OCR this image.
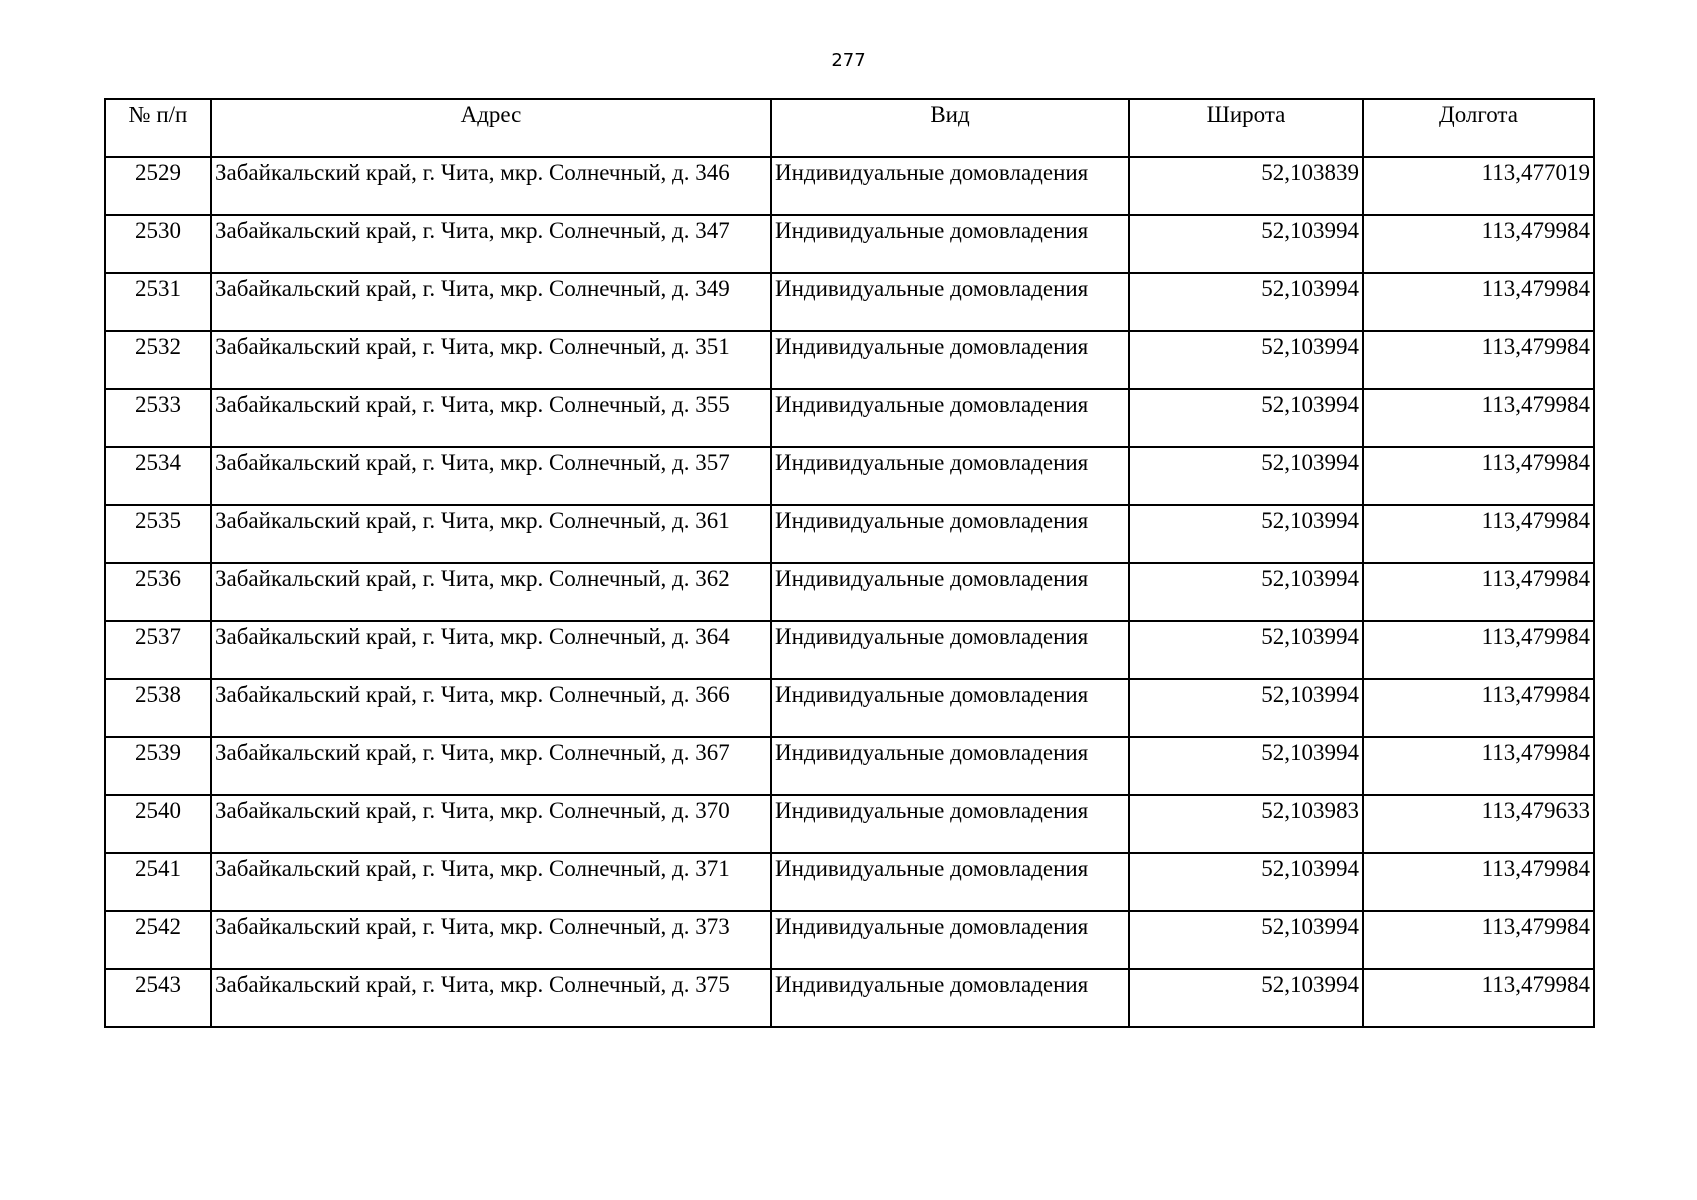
277
№ п/п	Адрес	Вид	Широта	Долгота
2529	Забайкальский край, г. Чита, мкр. Солнечный, д. 346	Индивидуальные домовладения	52,103839	113,477019
2530	Забайкальский край, г. Чита, мкр. Солнечный, д. 347	Индивидуальные домовладения	52,103994	113,479984
2531	Забайкальский край, г. Чита, мкр. Солнечный, д. 349	Индивидуальные домовладения	52,103994	113,479984
2532	Забайкальский край, г. Чита, мкр. Солнечный, д. 351	Индивидуальные домовладения	52,103994	113,479984
2533	Забайкальский край, г. Чита, мкр. Солнечный, д. 355	Индивидуальные домовладения	52,103994	113,479984
2534	Забайкальский край, г. Чита, мкр. Солнечный, д. 357	Индивидуальные домовладения	52,103994	113,479984
2535	Забайкальский край, г. Чита, мкр. Солнечный, д. 361	Индивидуальные домовладения	52,103994	113,479984
2536	Забайкальский край, г. Чита, мкр. Солнечный, д. 362	Индивидуальные домовладения	52,103994	113,479984
2537	Забайкальский край, г. Чита, мкр. Солнечный, д. 364	Индивидуальные домовладения	52,103994	113,479984
2538	Забайкальский край, г. Чита, мкр. Солнечный, д. 366	Индивидуальные домовладения	52,103994	113,479984
2539	Забайкальский край, г. Чита, мкр. Солнечный, д. 367	Индивидуальные домовладения	52,103994	113,479984
2540	Забайкальский край, г. Чита, мкр. Солнечный, д. 370	Индивидуальные домовладения	52,103983	113,479633
2541	Забайкальский край, г. Чита, мкр. Солнечный, д. 371	Индивидуальные домовладения	52,103994	113,479984
2542	Забайкальский край, г. Чита, мкр. Солнечный, д. 373	Индивидуальные домовладения	52,103994	113,479984
2543	Забайкальский край, г. Чита, мкр. Солнечный, д. 375	Индивидуальные домовладения	52,103994	113,479984
